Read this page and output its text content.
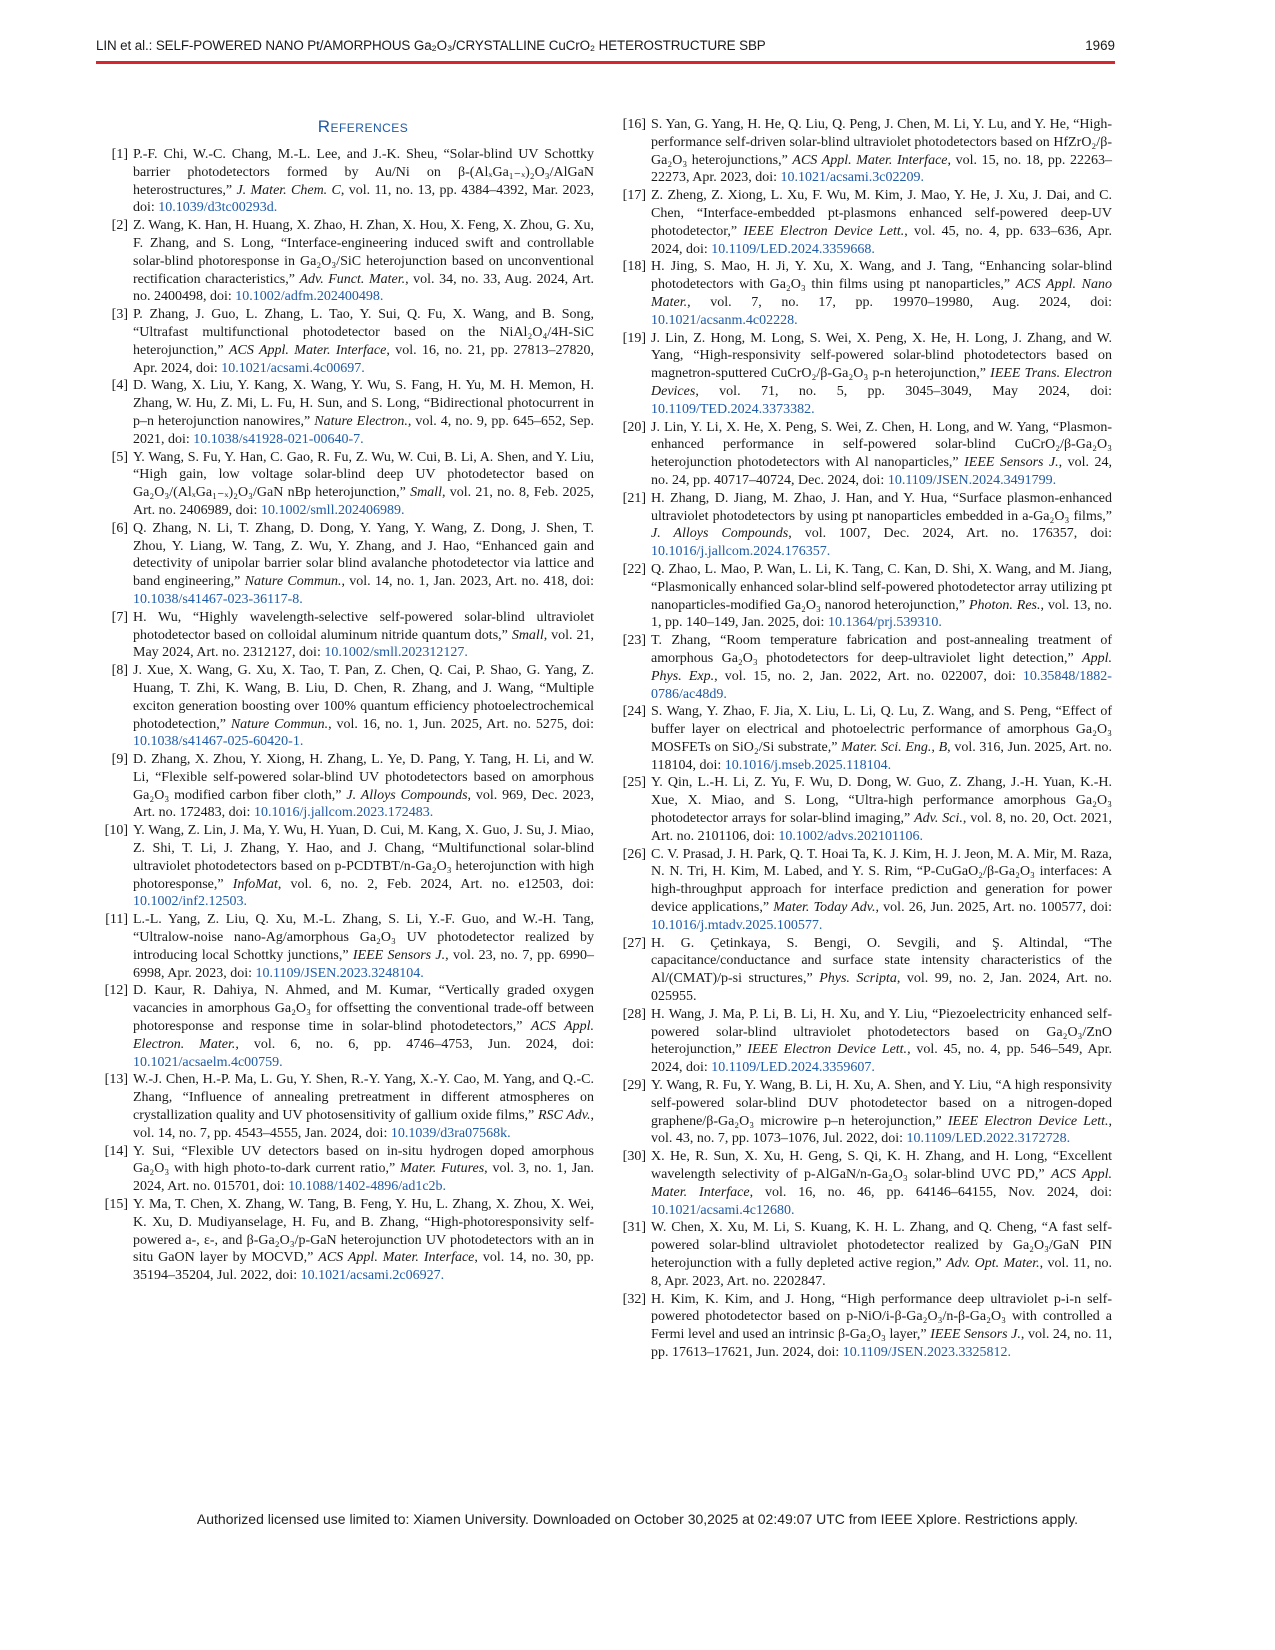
LIN et al.: SELF-POWERED NANO Pt/AMORPHOUS Ga₂O₃/CRYSTALLINE CuCrO₂ HETEROSTRUCTURE SBP	1969
References
[1] P.-F. Chi, W.-C. Chang, M.-L. Lee, and J.-K. Sheu, “Solar-blind UV Schottky barrier photodetectors formed by Au/Ni on β-(AlₓGa₁₋ₓ)₂O₃/AlGaN heterostructures,” J. Mater. Chem. C, vol. 11, no. 13, pp. 4384–4392, Mar. 2023, doi: 10.1039/d3tc00293d.
[2] Z. Wang, K. Han, H. Huang, X. Zhao, H. Zhan, X. Hou, X. Feng, X. Zhou, G. Xu, F. Zhang, and S. Long, “Interface-engineering induced swift and controllable solar-blind photoresponse in Ga₂O₃/SiC heterojunction based on unconventional rectification characteristics,” Adv. Funct. Mater., vol. 34, no. 33, Aug. 2024, Art. no. 2400498, doi: 10.1002/adfm.202400498.
[3] P. Zhang, J. Guo, L. Zhang, L. Tao, Y. Sui, Q. Fu, X. Wang, and B. Song, “Ultrafast multifunctional photodetector based on the NiAl₂O₄/4H-SiC heterojunction,” ACS Appl. Mater. Interface, vol. 16, no. 21, pp. 27813–27820, Apr. 2024, doi: 10.1021/acsami.4c00697.
[4] D. Wang, X. Liu, Y. Kang, X. Wang, Y. Wu, S. Fang, H. Yu, M. H. Memon, H. Zhang, W. Hu, Z. Mi, L. Fu, H. Sun, and S. Long, “Bidirectional photocurrent in p–n heterojunction nanowires,” Nature Electron., vol. 4, no. 9, pp. 645–652, Sep. 2021, doi: 10.1038/s41928-021-00640-7.
[5] Y. Wang, S. Fu, Y. Han, C. Gao, R. Fu, Z. Wu, W. Cui, B. Li, A. Shen, and Y. Liu, “High gain, low voltage solar-blind deep UV photodetector based on Ga₂O₃/(AlₓGa₁₋ₓ)₂O₃/GaN nBp heterojunction,” Small, vol. 21, no. 8, Feb. 2025, Art. no. 2406989, doi: 10.1002/smll.202406989.
[6] Q. Zhang, N. Li, T. Zhang, D. Dong, Y. Yang, Y. Wang, Z. Dong, J. Shen, T. Zhou, Y. Liang, W. Tang, Z. Wu, Y. Zhang, and J. Hao, “Enhanced gain and detectivity of unipolar barrier solar blind avalanche photodetector via lattice and band engineering,” Nature Commun., vol. 14, no. 1, Jan. 2023, Art. no. 418, doi: 10.1038/s41467-023-36117-8.
[7] H. Wu, “Highly wavelength-selective self-powered solar-blind ultraviolet photodetector based on colloidal aluminum nitride quantum dots,” Small, vol. 21, May 2024, Art. no. 2312127, doi: 10.1002/smll.202312127.
[8] J. Xue, X. Wang, G. Xu, X. Tao, T. Pan, Z. Chen, Q. Cai, P. Shao, G. Yang, Z. Huang, T. Zhi, K. Wang, B. Liu, D. Chen, R. Zhang, and J. Wang, “Multiple exciton generation boosting over 100% quantum efficiency photoelectrochemical photodetection,” Nature Commun., vol. 16, no. 1, Jun. 2025, Art. no. 5275, doi: 10.1038/s41467-025-60420-1.
[9] D. Zhang, X. Zhou, Y. Xiong, H. Zhang, L. Ye, D. Pang, Y. Tang, H. Li, and W. Li, “Flexible self-powered solar-blind UV photodetectors based on amorphous Ga₂O₃ modified carbon fiber cloth,” J. Alloys Compounds, vol. 969, Dec. 2023, Art. no. 172483, doi: 10.1016/j.jallcom.2023.172483.
[10] Y. Wang, Z. Lin, J. Ma, Y. Wu, H. Yuan, D. Cui, M. Kang, X. Guo, J. Su, J. Miao, Z. Shi, T. Li, J. Zhang, Y. Hao, and J. Chang, “Multifunctional solar-blind ultraviolet photodetectors based on p-PCDTBT/n-Ga₂O₃ heterojunction with high photoresponse,” InfoMat, vol. 6, no. 2, Feb. 2024, Art. no. e12503, doi: 10.1002/inf2.12503.
[11] L.-L. Yang, Z. Liu, Q. Xu, M.-L. Zhang, S. Li, Y.-F. Guo, and W.-H. Tang, “Ultralow-noise nano-Ag/amorphous Ga₂O₃ UV photodetector realized by introducing local Schottky junctions,” IEEE Sensors J., vol. 23, no. 7, pp. 6990–6998, Apr. 2023, doi: 10.1109/JSEN.2023.3248104.
[12] D. Kaur, R. Dahiya, N. Ahmed, and M. Kumar, “Vertically graded oxygen vacancies in amorphous Ga₂O₃ for offsetting the conventional trade-off between photoresponse and response time in solar-blind photodetectors,” ACS Appl. Electron. Mater., vol. 6, no. 6, pp. 4746–4753, Jun. 2024, doi: 10.1021/acsaelm.4c00759.
[13] W.-J. Chen, H.-P. Ma, L. Gu, Y. Shen, R.-Y. Yang, X.-Y. Cao, M. Yang, and Q.-C. Zhang, “Influence of annealing pretreatment in different atmospheres on crystallization quality and UV photosensitivity of gallium oxide films,” RSC Adv., vol. 14, no. 7, pp. 4543–4555, Jan. 2024, doi: 10.1039/d3ra07568k.
[14] Y. Sui, “Flexible UV detectors based on in-situ hydrogen doped amorphous Ga₂O₃ with high photo-to-dark current ratio,” Mater. Futures, vol. 3, no. 1, Jan. 2024, Art. no. 015701, doi: 10.1088/1402-4896/ad1c2b.
[15] Y. Ma, T. Chen, X. Zhang, W. Tang, B. Feng, Y. Hu, L. Zhang, X. Zhou, X. Wei, K. Xu, D. Mudiyanselage, H. Fu, and B. Zhang, “High-photoresponsivity self-powered a-, ε-, and β-Ga₂O₃/p-GaN heterojunction UV photodetectors with an in situ GaON layer by MOCVD,” ACS Appl. Mater. Interface, vol. 14, no. 30, pp. 35194–35204, Jul. 2022, doi: 10.1021/acsami.2c06927.
[16] S. Yan, G. Yang, H. He, Q. Liu, Q. Peng, J. Chen, M. Li, Y. Lu, and Y. He, “High-performance self-driven solar-blind ultraviolet photodetectors based on HfZrO₂/β-Ga₂O₃ heterojunctions,” ACS Appl. Mater. Interface, vol. 15, no. 18, pp. 22263–22273, Apr. 2023, doi: 10.1021/acsami.3c02209.
[17] Z. Zheng, Z. Xiong, L. Xu, F. Wu, M. Kim, J. Mao, Y. He, J. Xu, J. Dai, and C. Chen, “Interface-embedded pt-plasmons enhanced self-powered deep-UV photodetector,” IEEE Electron Device Lett., vol. 45, no. 4, pp. 633–636, Apr. 2024, doi: 10.1109/LED.2024.3359668.
[18] H. Jing, S. Mao, H. Ji, Y. Xu, X. Wang, and J. Tang, “Enhancing solar-blind photodetectors with Ga₂O₃ thin films using pt nanoparticles,” ACS Appl. Nano Mater., vol. 7, no. 17, pp. 19970–19980, Aug. 2024, doi: 10.1021/acsanm.4c02228.
[19] J. Lin, Z. Hong, M. Long, S. Wei, X. Peng, X. He, H. Long, J. Zhang, and W. Yang, “High-responsivity self-powered solar-blind photodetectors based on magnetron-sputtered CuCrO₂/β-Ga₂O₃ p-n heterojunction,” IEEE Trans. Electron Devices, vol. 71, no. 5, pp. 3045–3049, May 2024, doi: 10.1109/TED.2024.3373382.
[20] J. Lin, Y. Li, X. He, X. Peng, S. Wei, Z. Chen, H. Long, and W. Yang, “Plasmon-enhanced performance in self-powered solar-blind CuCrO₂/β-Ga₂O₃ heterojunction photodetectors with Al nanoparticles,” IEEE Sensors J., vol. 24, no. 24, pp. 40717–40724, Dec. 2024, doi: 10.1109/JSEN.2024.3491799.
[21] H. Zhang, D. Jiang, M. Zhao, J. Han, and Y. Hua, “Surface plasmon-enhanced ultraviolet photodetectors by using pt nanoparticles embedded in a-Ga₂O₃ films,” J. Alloys Compounds, vol. 1007, Dec. 2024, Art. no. 176357, doi: 10.1016/j.jallcom.2024.176357.
[22] Q. Zhao, L. Mao, P. Wan, L. Li, K. Tang, C. Kan, D. Shi, X. Wang, and M. Jiang, “Plasmonically enhanced solar-blind self-powered photodetector array utilizing pt nanoparticles-modified Ga₂O₃ nanorod heterojunction,” Photon. Res., vol. 13, no. 1, pp. 140–149, Jan. 2025, doi: 10.1364/prj.539310.
[23] T. Zhang, “Room temperature fabrication and post-annealing treatment of amorphous Ga₂O₃ photodetectors for deep-ultraviolet light detection,” Appl. Phys. Exp., vol. 15, no. 2, Jan. 2022, Art. no. 022007, doi: 10.35848/1882-0786/ac48d9.
[24] S. Wang, Y. Zhao, F. Jia, X. Liu, L. Li, Q. Lu, Z. Wang, and S. Peng, “Effect of buffer layer on electrical and photoelectric performance of amorphous Ga₂O₃ MOSFETs on SiO₂/Si substrate,” Mater. Sci. Eng., B, vol. 316, Jun. 2025, Art. no. 118104, doi: 10.1016/j.mseb.2025.118104.
[25] Y. Qin, L.-H. Li, Z. Yu, F. Wu, D. Dong, W. Guo, Z. Zhang, J.-H. Yuan, K.-H. Xue, X. Miao, and S. Long, “Ultra-high performance amorphous Ga₂O₃ photodetector arrays for solar-blind imaging,” Adv. Sci., vol. 8, no. 20, Oct. 2021, Art. no. 2101106, doi: 10.1002/advs.202101106.
[26] C. V. Prasad, J. H. Park, Q. T. Hoai Ta, K. J. Kim, H. J. Jeon, M. A. Mir, M. Raza, N. N. Tri, H. Kim, M. Labed, and Y. S. Rim, “P-CuGaO₂/β-Ga₂O₃ interfaces: A high-throughput approach for interface prediction and generation for power device applications,” Mater. Today Adv., vol. 26, Jun. 2025, Art. no. 100577, doi: 10.1016/j.mtadv.2025.100577.
[27] H. G. Çetinkaya, S. Bengi, O. Sevgili, and Ş. Altindal, “The capacitance/conductance and surface state intensity characteristics of the Al/(CMAT)/p-si structures,” Phys. Scripta, vol. 99, no. 2, Jan. 2024, Art. no. 025955.
[28] H. Wang, J. Ma, P. Li, B. Li, H. Xu, and Y. Liu, “Piezoelectricity enhanced self-powered solar-blind ultraviolet photodetectors based on Ga₂O₃/ZnO heterojunction,” IEEE Electron Device Lett., vol. 45, no. 4, pp. 546–549, Apr. 2024, doi: 10.1109/LED.2024.3359607.
[29] Y. Wang, R. Fu, Y. Wang, B. Li, H. Xu, A. Shen, and Y. Liu, “A high responsivity self-powered solar-blind DUV photodetector based on a nitrogen-doped graphene/β-Ga₂O₃ microwire p–n heterojunction,” IEEE Electron Device Lett., vol. 43, no. 7, pp. 1073–1076, Jul. 2022, doi: 10.1109/LED.2022.3172728.
[30] X. He, R. Sun, X. Xu, H. Geng, S. Qi, K. H. Zhang, and H. Long, “Excellent wavelength selectivity of p-AlGaN/n-Ga₂O₃ solar-blind UVC PD,” ACS Appl. Mater. Interface, vol. 16, no. 46, pp. 64146–64155, Nov. 2024, doi: 10.1021/acsami.4c12680.
[31] W. Chen, X. Xu, M. Li, S. Kuang, K. H. L. Zhang, and Q. Cheng, “A fast self-powered solar-blind ultraviolet photodetector realized by Ga₂O₃/GaN PIN heterojunction with a fully depleted active region,” Adv. Opt. Mater., vol. 11, no. 8, Apr. 2023, Art. no. 2202847.
[32] H. Kim, K. Kim, and J. Hong, “High performance deep ultraviolet p-i-n self-powered photodetector based on p-NiO/i-β-Ga₂O₃/n-β-Ga₂O₃ with controlled a Fermi level and used an intrinsic β-Ga₂O₃ layer,” IEEE Sensors J., vol. 24, no. 11, pp. 17613–17621, Jun. 2024, doi: 10.1109/JSEN.2023.3325812.
Authorized licensed use limited to: Xiamen University. Downloaded on October 30,2025 at 02:49:07 UTC from IEEE Xplore. Restrictions apply.
